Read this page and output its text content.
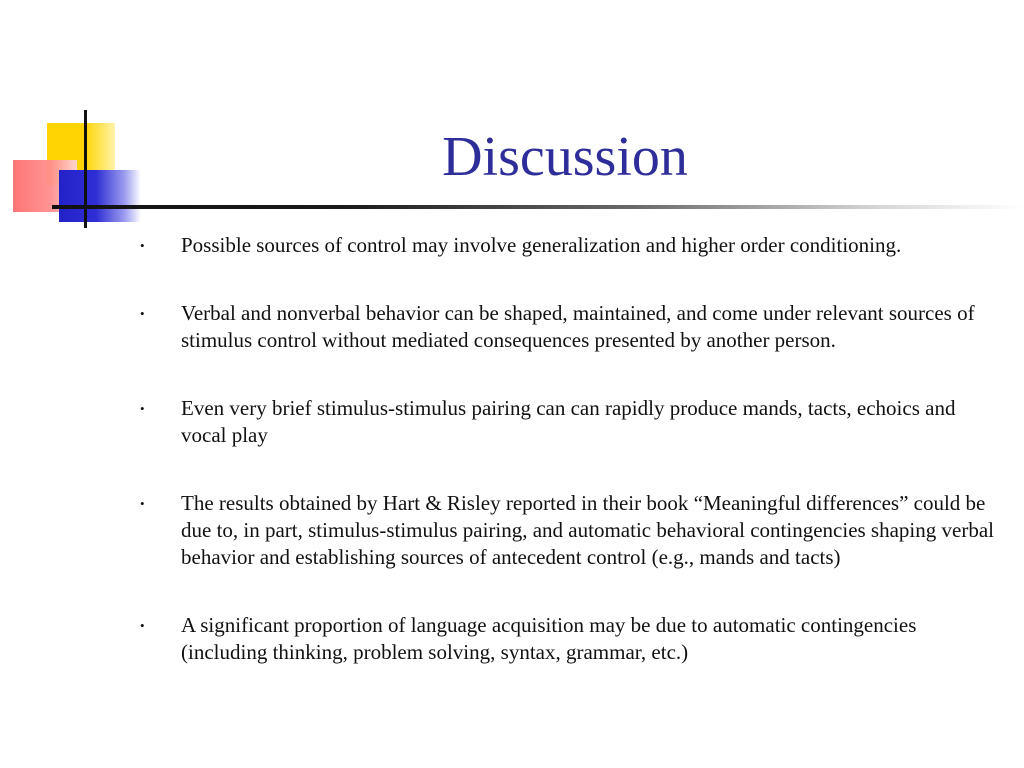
Discussion
• Possible sources of control may involve generalization and higher order conditioning.
• Verbal and nonverbal behavior can be shaped, maintained, and come under relevant sources of stimulus control without mediated consequences presented by another person.
• Even very brief stimulus-stimulus pairing can can rapidly produce mands, tacts, echoics and vocal play
• The results obtained by Hart & Risley reported in their book “Meaningful differences” could be due to, in part, stimulus-stimulus pairing, and automatic behavioral contingencies shaping verbal behavior and establishing sources of antecedent control (e.g., mands and tacts)
• A significant proportion of language acquisition may be due to automatic contingencies (including thinking, problem solving, syntax, grammar, etc.)
